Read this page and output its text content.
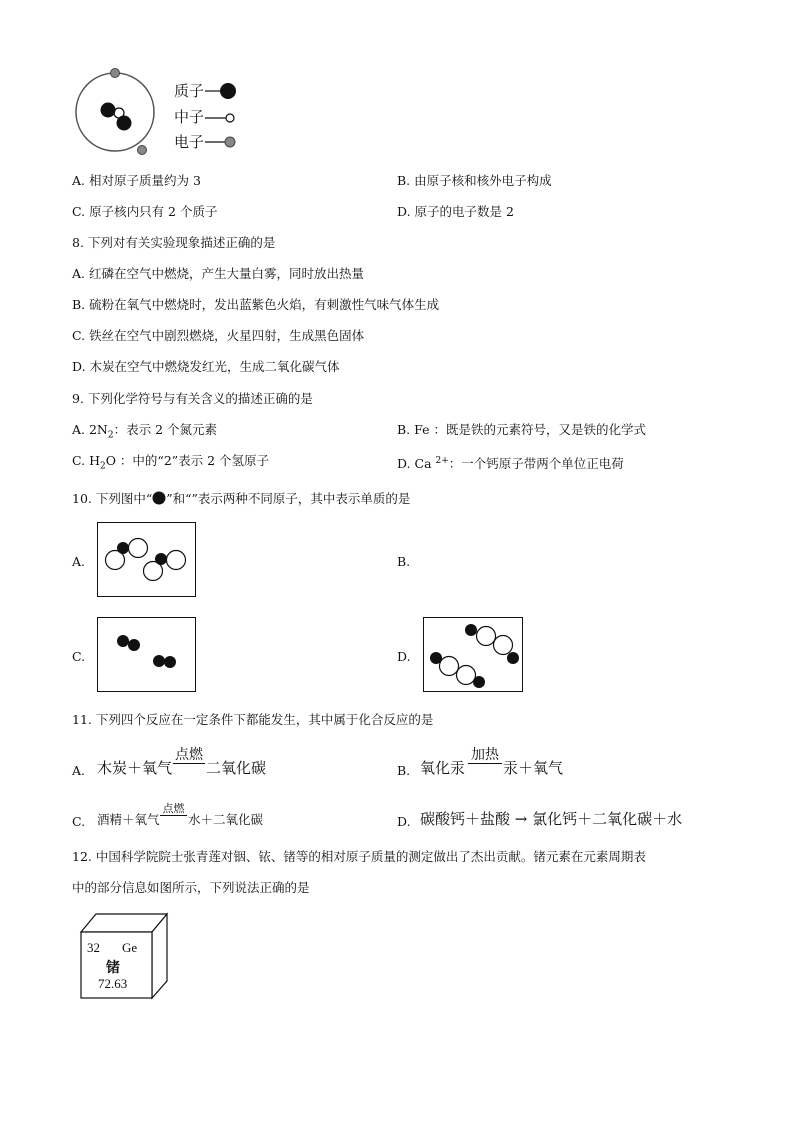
质子
中子
电子
A. 相对原子质量约为 3	B. 由原子核和核外电子构成
C. 原子核内只有 2 个质子	D. 原子的电子数是 2
8. 下列对有关实验现象描述正确的是
A. 红磷在空气中燃烧，产生大量白雾，同时放出热量
B. 硫粉在氧气中燃烧时，发出蓝紫色火焰，有刺激性气味气体生成
C. 铁丝在空气中剧烈燃烧，火星四射，生成黑色固体
D. 木炭在空气中燃烧发红光，生成二氧化碳气体
9. 下列化学符号与有关含义的描述正确的是
A. $2N_2$：表示 2 个氮元素	B. Fe ：既是铁的元素符号，又是铁的化学式
C. $H_2O$ ：中的“2”表示 2 个氢原子	D. Ca $^{2+}$：一个钙原子带两个单位正电荷
10. 下列图中“ ”和“”表示两种不同原子，其中表示单质的是
A.	B.
C.	D.
11. 下列四个反应在一定条件下都能发生，其中属于化合反应的是
A. 木炭＋氧气
点燃
二氧化碳	B. 氧化汞
加热
汞＋氧气
C. 酒精＋氧气
点燃
水＋二氧化碳	D. 碳酸钙＋盐酸 → 氯化钙＋二氧化碳＋水
12. 中国科学院院士张青莲对铟、铱、锗等的相对原子质量的测定做出了杰出贡献。锗元素在元素周期表
中的部分信息如图所示，下列说法正确的是
32 Ge
锗
72.63
